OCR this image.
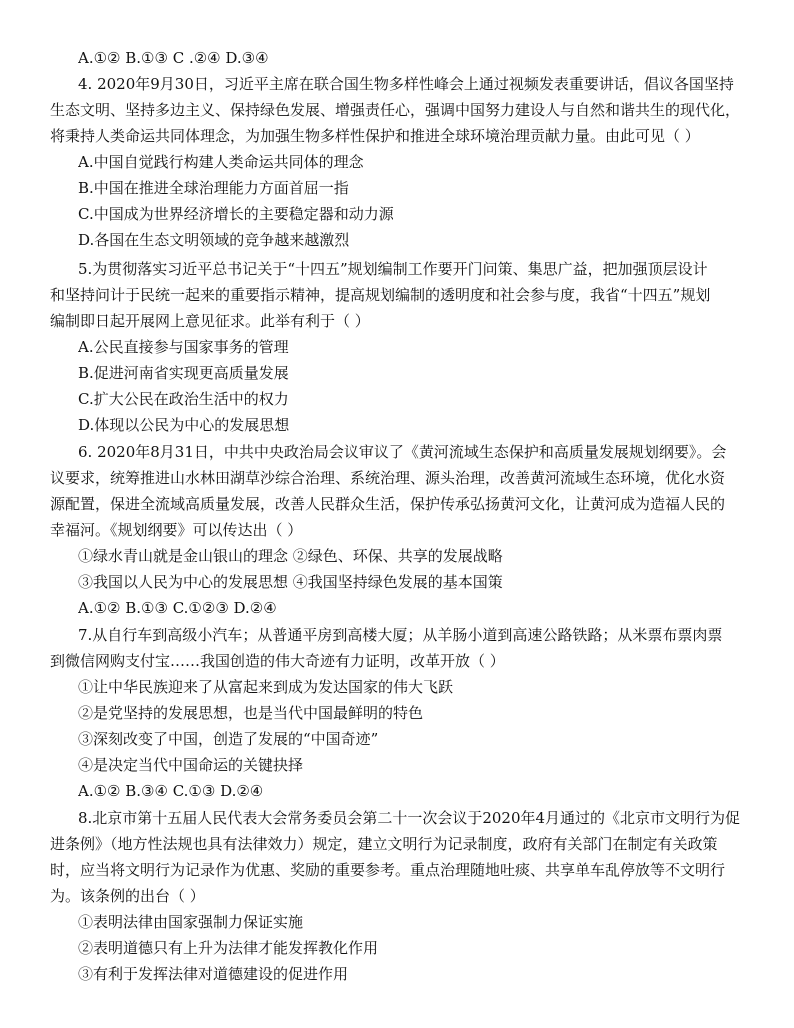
A.①② B.①③ C .②④ D.③④
4. 2020年9月30日，习近平主席在联合国生物多样性峰会上通过视频发表重要讲话，倡议各国坚持
生态文明、坚持多边主义、保持绿色发展、增强责任心，强调中国努力建设人与自然和谐共生的现代化，
将秉持人类命运共同体理念，为加强生物多样性保护和推进全球环境治理贡献力量。由此可见（ ）
A.中国自觉践行构建人类命运共同体的理念
B.中国在推进全球治理能力方面首屈一指
C.中国成为世界经济增长的主要稳定器和动力源
D.各国在生态文明领域的竞争越来越激烈
5.为贯彻落实习近平总书记关于“十四五”规划编制工作要开门问策、集思广益，把加强顶层设计
和坚持问计于民统一起来的重要指示精神，提高规划编制的透明度和社会参与度，我省“十四五”规划
编制即日起开展网上意见征求。此举有利于（ ）
A.公民直接参与国家事务的管理
B.促进河南省实现更高质量发展
C.扩大公民在政治生活中的权力
D.体现以公民为中心的发展思想
6. 2020年8月31日，中共中央政治局会议审议了《黄河流域生态保护和高质量发展规划纲要》。会
议要求，统筹推进山水林田湖草沙综合治理、系统治理、源头治理，改善黄河流域生态环境，优化水资
源配置，保进全流域高质量发展，改善人民群众生活，保护传承弘扬黄河文化，让黄河成为造福人民的
幸福河。《规划纲要》可以传达出（ ）
①绿水青山就是金山银山的理念 ②绿色、环保、共享的发展战略
③我国以人民为中心的发展思想 ④我国坚持绿色发展的基本国策
A.①② B.①③ C.①②③ D.②④
7.从自行车到高级小汽车；从普通平房到高楼大厦；从羊肠小道到高速公路铁路；从米票布票肉票
到微信网购支付宝……我国创造的伟大奇迹有力证明，改革开放（ ）
①让中华民族迎来了从富起来到成为发达国家的伟大飞跃
②是党坚持的发展思想，也是当代中国最鲜明的特色
③深刻改变了中国，创造了发展的“中国奇迹”
④是决定当代中国命运的关键抉择
A.①② B.③④ C.①③ D.②④
8.北京市第十五届人民代表大会常务委员会第二十一次会议于2020年4月通过的《北京市文明行为促
进条例》（地方性法规也具有法律效力）规定，建立文明行为记录制度，政府有关部门在制定有关政策
时，应当将文明行为记录作为优惠、奖励的重要参考。重点治理随地吐痰、共享单车乱停放等不文明行
为。该条例的出台（ ）
①表明法律由国家强制力保证实施
②表明道德只有上升为法律才能发挥教化作用
③有利于发挥法律对道德建设的促进作用
